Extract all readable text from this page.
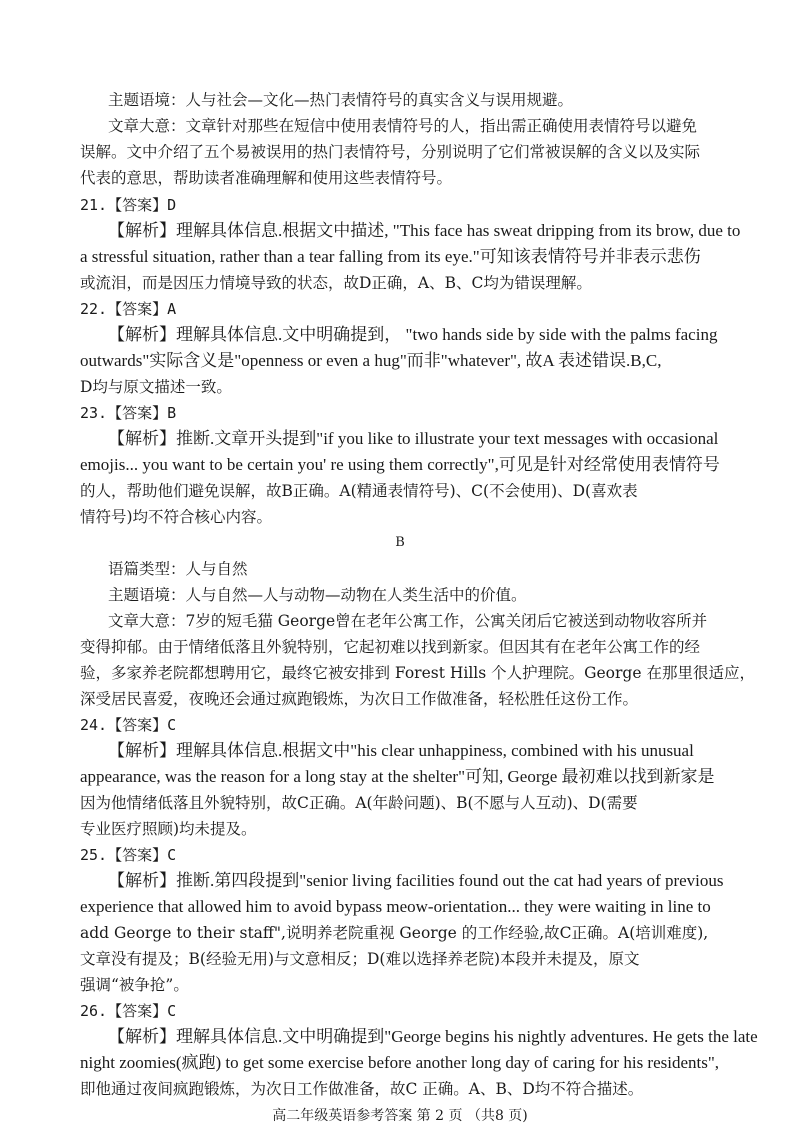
主题语境：人与社会—文化—热门表情符号的真实含义与误用规避。
文章大意：文章针对那些在短信中使用表情符号的人，指出需正确使用表情符号以避免
误解。文中介绍了五个易被误用的热门表情符号，分别说明了它们常被误解的含义以及实际
代表的意思，帮助读者准确理解和使用这些表情符号。
21.【答案】D
【解析】理解具体信息.根据文中描述, "This face has sweat dripping from its brow, due to
a stressful situation, rather than a tear falling from its eye."可知该表情符号并非表示悲伤
或流泪，而是因压力情境导致的状态，故D正确，A、B、C均为错误理解。
22.【答案】A
【解析】理解具体信息.文中明确提到， "two hands side by side with the palms facing
outwards"实际含义是"openness or even a hug"而非"whatever", 故A 表述错误.B,C,
D均与原文描述一致。
23.【答案】B
【解析】推断.文章开头提到"if you like to illustrate your text messages with occasional
emojis... you want to be certain you' re using them correctly",可见是针对经常使用表情符号
的人，帮助他们避免误解，故B正确。A(精通表情符号)、C(不会使用)、D(喜欢表
情符号)均不符合核心内容。
B
语篇类型：人与自然
主题语境：人与自然—人与动物—动物在人类生活中的价值。
文章大意：7岁的短毛猫 George曾在老年公寓工作，公寓关闭后它被送到动物收容所并
变得抑郁。由于情绪低落且外貌特别，它起初难以找到新家。但因其有在老年公寓工作的经
验，多家养老院都想聘用它，最终它被安排到 Forest Hills 个人护理院。George 在那里很适应，
深受居民喜爱，夜晚还会通过疯跑锻炼，为次日工作做准备，轻松胜任这份工作。
24.【答案】C
【解析】理解具体信息.根据文中"his clear unhappiness, combined with his unusual
appearance, was the reason for a long stay at the shelter"可知, George 最初难以找到新家是
因为他情绪低落且外貌特别，故C正确。A(年龄问题)、B(不愿与人互动)、D(需要
专业医疗照顾)均未提及。
25.【答案】C
【解析】推断.第四段提到"senior living facilities found out the cat had years of previous
experience that allowed him to avoid bypass meow-orientation... they were waiting in line to
add George to their staff",说明养老院重视 George 的工作经验,故C正确。A(培训难度),
文章没有提及；B(经验无用)与文意相反；D(难以选择养老院)本段并未提及，原文
强调“被争抢”。
26.【答案】C
【解析】理解具体信息.文中明确提到"George begins his nightly adventures. He gets the late
night zoomies(疯跑) to get some exercise before another long day of caring for his residents",
即他通过夜间疯跑锻炼，为次日工作做准备，故C 正确。A、B、D均不符合描述。
高二年级英语参考答案 第 2 页 （共8 页)
